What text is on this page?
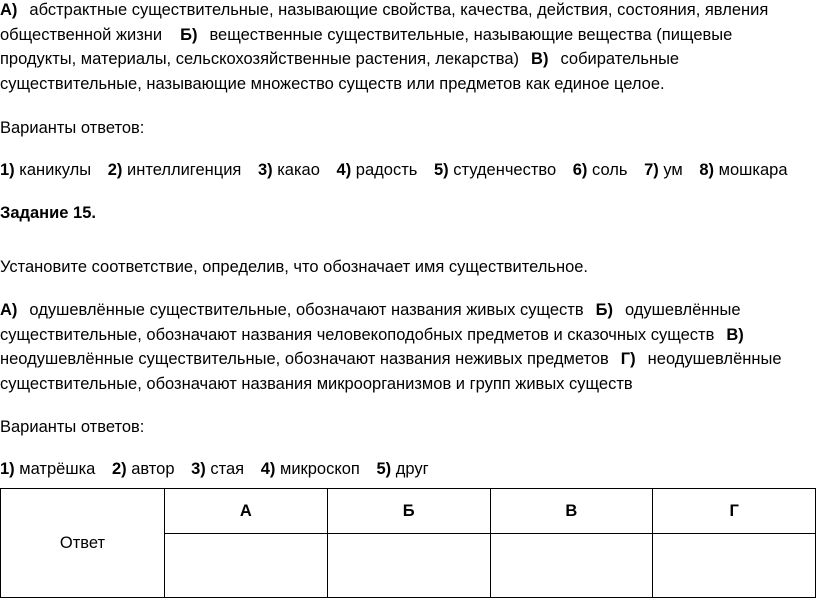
А) абстрактные существительные, называющие свойства, качества, действия, состояния, явления общественной жизни Б) вещественные существительные, называющие вещества (пищевые продукты, материалы, сельскохозяйственные растения, лекарства) В) собирательные существительные, называющие множество существ или предметов как единое целое.
Варианты ответов:
1) каникулы 2) интеллигенция 3) какао 4) радость 5) студенчество 6) соль 7) ум 8) мошкара
Задание 15.
Установите соответствие, определив, что обозначает имя существительное.
А) одушевлённые существительные, обозначают названия живых существ Б) одушевлённые существительные, обозначают названия человекоподобных предметов и сказочных существ В) неодушевлённые существительные, обозначают названия неживых предметов Г) неодушевлённые существительные, обозначают названия микроорганизмов и групп живых существ
Варианты ответов:
1) матрёшка 2) автор 3) стая 4) микроскоп 5) друг
Ответ	А	Б	В	Г
